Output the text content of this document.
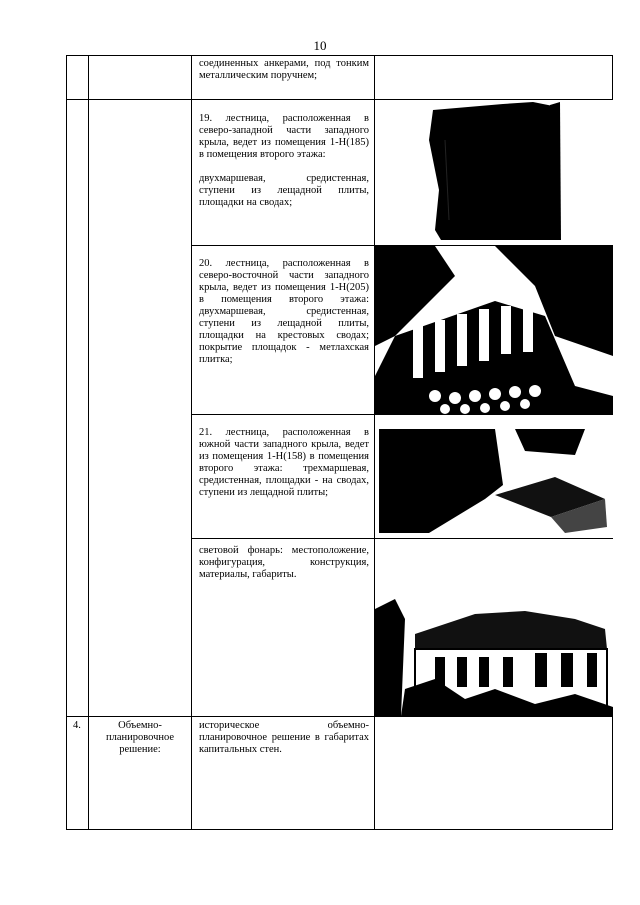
10

		соединенных анкерами, под тонким металлическим поручнем;	

		19. лестница, расположенная в северо-западной части западного крыла, ведет из помещения 1-Н(185) в помещения второго этажа:

двухмаршевая, средистенная, ступени из лещадной плиты, площадки на сводах;

		20. лестница, расположенная в северо-восточной части западного крыла, ведет из помещения 1-Н(205) в помещения второго этажа: двухмаршевая, средистенная, ступени из лещадной плиты, площадки на крестовых сводах; покрытие площадок - метлахская плитка;

		21. лестница, расположенная в южной части западного крыла, ведет из помещения 1-Н(158) в помещения второго этажа: трехмаршевая, средистенная, площадки - на сводах, ступени из лещадной плиты;

		световой фонарь: местоположение, конфигурация, конструкция, материалы, габариты.

4.	Объемно-планировочное решение:	историческое объемно-планировочное решение в габаритах капитальных стен.	
